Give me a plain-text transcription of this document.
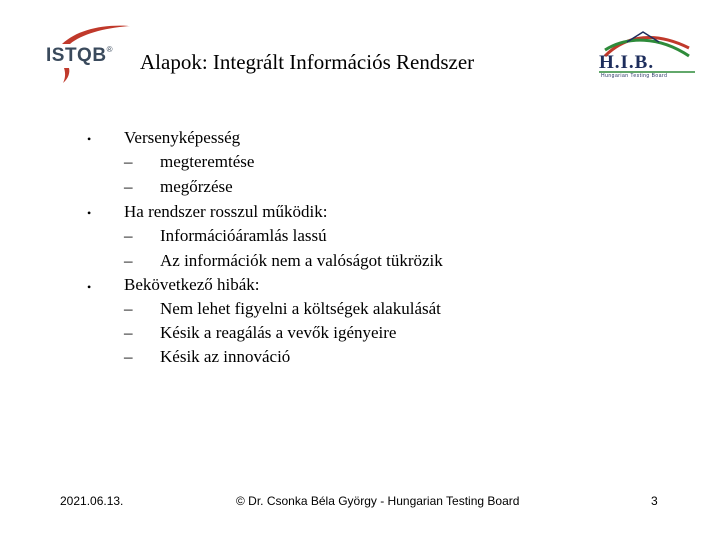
ISTQB®
Alapok: Integrált Információs Rendszer	H.I.B.
Hungarian Testing Board
• Versenyképesség
– megteremtése
– megőrzése
• Ha rendszer rosszul működik:
– Információáramlás lassú
– Az információk nem a valóságot tükrözik
• Bekövetkező hibák:
– Nem lehet figyelni a költségek alakulását
– Késik a reagálás a vevők igényeire
– Késik az innováció
2021.06.13.	© Dr. Csonka Béla György - Hungarian Testing Board	3
